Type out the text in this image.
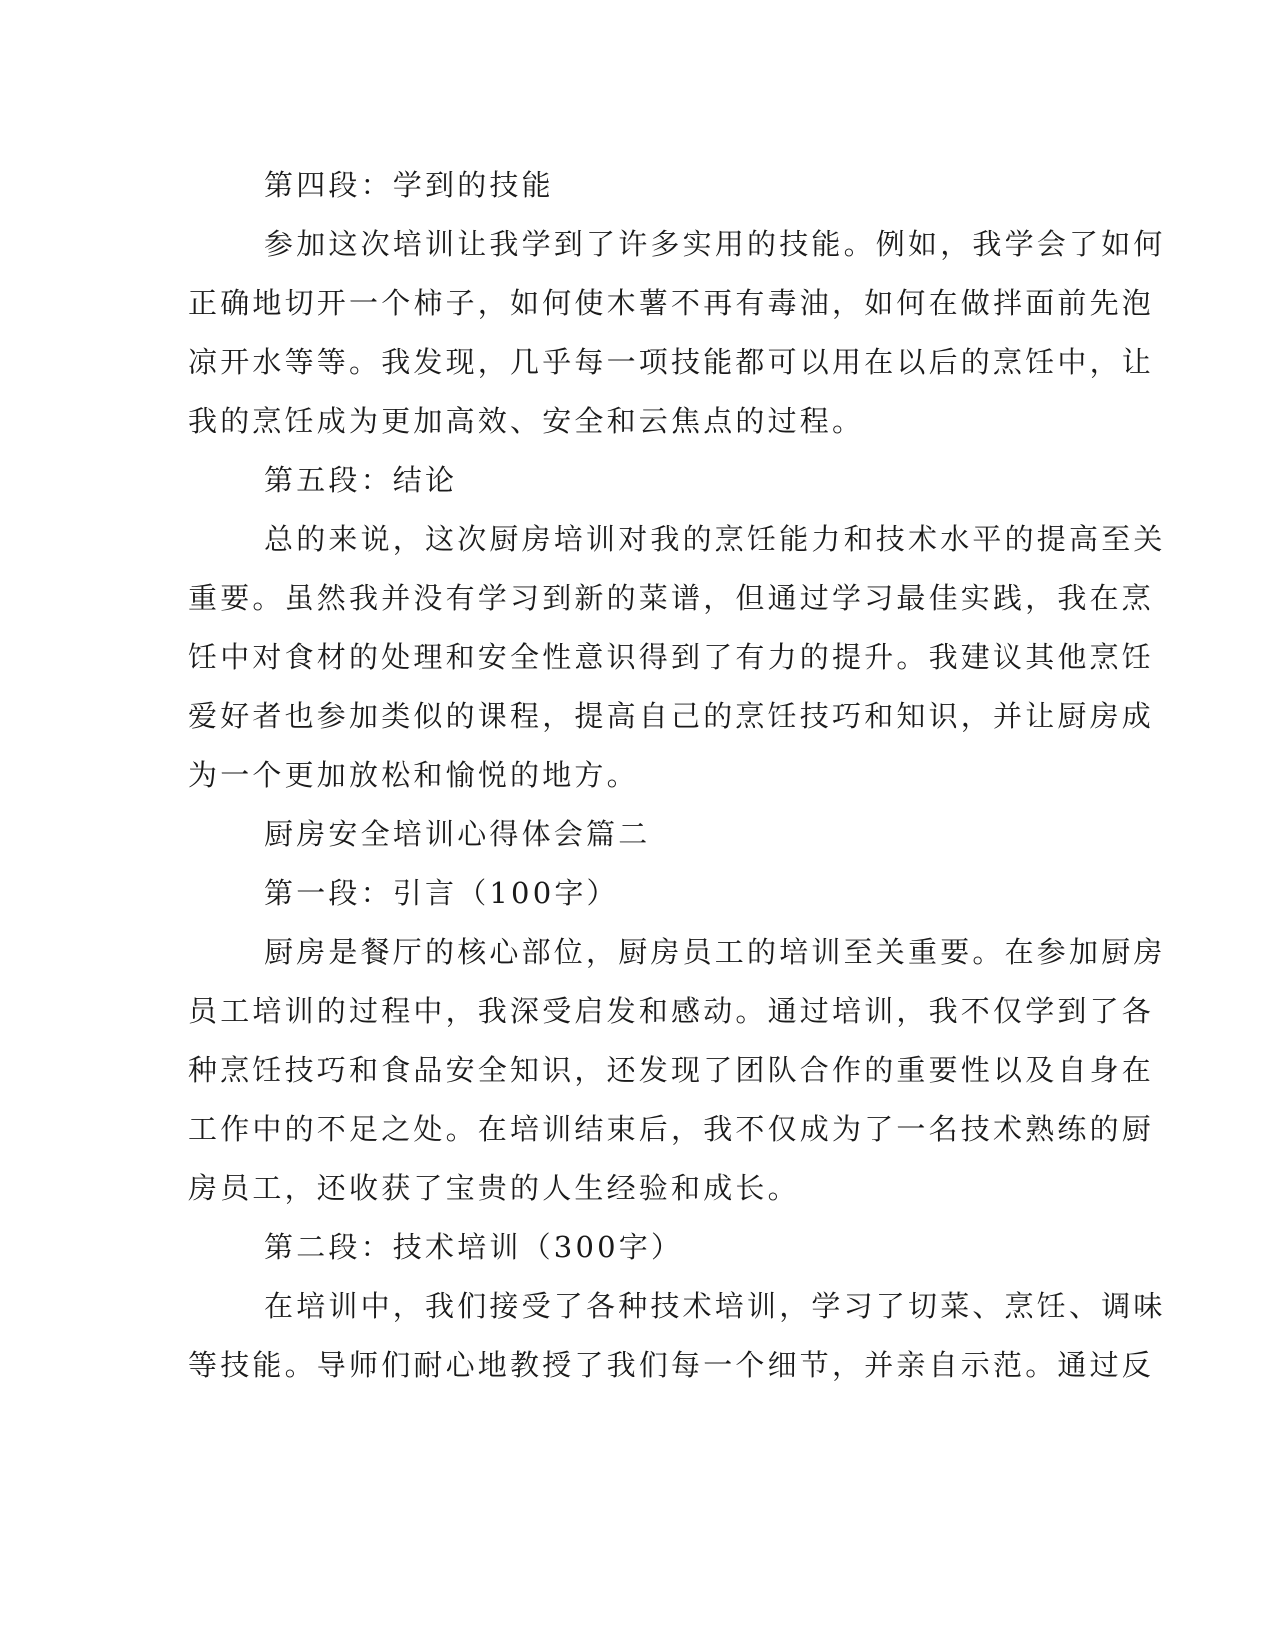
第四段：学到的技能
参加这次培训让我学到了许多实用的技能。例如，我学会了如何
正确地切开一个柿子，如何使木薯不再有毒油，如何在做拌面前先泡
凉开水等等。我发现，几乎每一项技能都可以用在以后的烹饪中，让
我的烹饪成为更加高效、安全和云焦点的过程。
第五段：结论
总的来说，这次厨房培训对我的烹饪能力和技术水平的提高至关
重要。虽然我并没有学习到新的菜谱，但通过学习最佳实践，我在烹
饪中对食材的处理和安全性意识得到了有力的提升。我建议其他烹饪
爱好者也参加类似的课程，提高自己的烹饪技巧和知识，并让厨房成
为一个更加放松和愉悦的地方。
厨房安全培训心得体会篇二
第一段：引言（100字）
厨房是餐厅的核心部位，厨房员工的培训至关重要。在参加厨房
员工培训的过程中，我深受启发和感动。通过培训，我不仅学到了各
种烹饪技巧和食品安全知识，还发现了团队合作的重要性以及自身在
工作中的不足之处。在培训结束后，我不仅成为了一名技术熟练的厨
房员工，还收获了宝贵的人生经验和成长。
第二段：技术培训（300字）
在培训中，我们接受了各种技术培训，学习了切菜、烹饪、调味
等技能。导师们耐心地教授了我们每一个细节，并亲自示范。通过反
